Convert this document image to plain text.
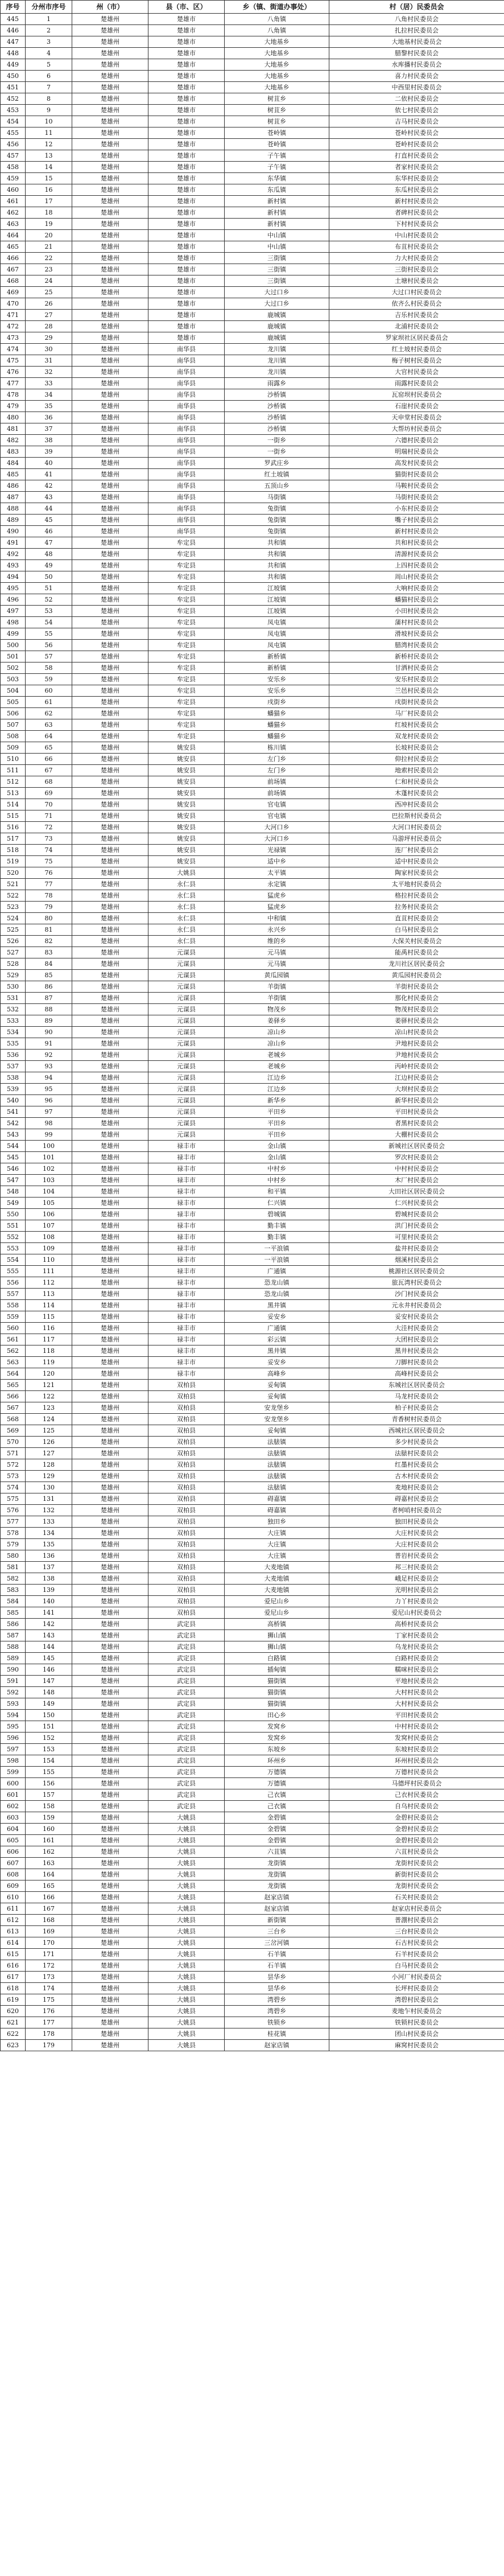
序号	分州市序号	州（市）	县（市、区）	乡（镇、街道办事处）	村（居）民委员会
445	1	楚雄州	楚雄市	八角镇	八角村民委员会
446	2	楚雄州	楚雄市	八角镇	扎拉村民委员会
447	3	楚雄州	楚雄市	大地基乡	大地基村民委员会
448	4	楚雄州	楚雄市	大地基乡	腊黎村民委员会
449	5	楚雄州	楚雄市	大地基乡	水库播村民委员会
450	6	楚雄州	楚雄市	大地基乡	喜力村民委员会
451	7	楚雄州	楚雄市	大地基乡	中西里村民委员会
452	8	楚雄州	楚雄市	树苴乡	二依村民委员会
453	9	楚雄州	楚雄市	树苴乡	依七村民委员会
454	10	楚雄州	楚雄市	树苴乡	吉马村民委员会
455	11	楚雄州	楚雄市	苍岭镇	苍岭村民委员会
456	12	楚雄州	楚雄市	苍岭镇	苍岭村民委员会
457	13	楚雄州	楚雄市	子午镇	打直村民委员会
458	14	楚雄州	楚雄市	子午镇	者家村民委员会
459	15	楚雄州	楚雄市	东华镇	东华村民委员会
460	16	楚雄州	楚雄市	东瓜镇	东瓜村民委员会
461	17	楚雄州	楚雄市	新村镇	新村村民委员会
462	18	楚雄州	楚雄市	新村镇	者碑村民委员会
463	19	楚雄州	楚雄市	新村镇	下村村民委员会
464	20	楚雄州	楚雄市	中山镇	中山村民委员会
465	21	楚雄州	楚雄市	中山镇	布苴村民委员会
466	22	楚雄州	楚雄市	三街镇	力大村民委员会
467	23	楚雄州	楚雄市	三街镇	三街村民委员会
468	24	楚雄州	楚雄市	三街镇	土塘村民委员会
469	25	楚雄州	楚雄市	大过口乡	大过口村民委员会
470	26	楚雄州	楚雄市	大过口乡	依齐么村民委员会
471	27	楚雄州	楚雄市	鹿城镇	吉乐村民委员会
472	28	楚雄州	楚雄市	鹿城镇	北浦村民委员会
473	29	楚雄州	楚雄市	鹿城镇	罗家坝社区居民委员会
474	30	楚雄州	南华县	龙川镇	红土坡村民委员会
475	31	楚雄州	南华县	龙川镇	梅子树村民委员会
476	32	楚雄州	南华县	龙川镇	大官村民委员会
477	33	楚雄州	南华县	雨露乡	雨露村民委员会
478	34	楚雄州	南华县	沙桥镇	瓦窑坝村民委员会
479	35	楚雄州	南华县	沙桥镇	石崖村民委员会
480	36	楚雄州	南华县	沙桥镇	天申堂村民委员会
481	37	楚雄州	南华县	沙桥镇	大帮坊村民委员会
482	38	楚雄州	南华县	一街乡	六德村民委员会
483	39	楚雄州	南华县	一街乡	明瑞村民委员会
484	40	楚雄州	南华县	罗武庄乡	高发村民委员会
485	41	楚雄州	南华县	红土坡镇	猫街村民委员会
486	42	楚雄州	南华县	五顶山乡	马鞍村民委员会
487	43	楚雄州	南华县	马街镇	马街村民委员会
488	44	楚雄州	南华县	兔街镇	小东村民委员会
489	45	楚雄州	南华县	兔街镇	嘴子村民委员会
490	46	楚雄州	南华县	兔街镇	新村村民委员会
491	47	楚雄州	牟定县	共和镇	共和村民委员会
492	48	楚雄州	牟定县	共和镇	清源村民委员会
493	49	楚雄州	牟定县	共和镇	上四村民委员会
494	50	楚雄州	牟定县	共和镇	周山村民委员会
495	51	楚雄州	牟定县	江坡镇	大响村民委员会
496	52	楚雄州	牟定县	江坡镇	蟠猫村民委员会
497	53	楚雄州	牟定县	江坡镇	小田村民委员会
498	54	楚雄州	牟定县	凤屯镇	蒲村村民委员会
499	55	楚雄州	牟定县	凤屯镇	滑坡村民委员会
500	56	楚雄州	牟定县	凤屯镇	腊湾村民委员会
501	57	楚雄州	牟定县	新桥镇	新桥村民委员会
502	58	楚雄州	牟定县	新桥镇	甘洒村民委员会
503	59	楚雄州	牟定县	安乐乡	安乐村民委员会
504	60	楚雄州	牟定县	安乐乡	兰邑村民委员会
505	61	楚雄州	牟定县	戌街乡	戌街村民委员会
506	62	楚雄州	牟定县	蟠猫乡	马厂村民委员会
507	63	楚雄州	牟定县	蟠猫乡	红坡村民委员会
508	64	楚雄州	牟定县	蟠猫乡	双龙村民委员会
509	65	楚雄州	姚安县	栋川镇	长坡村民委员会
510	66	楚雄州	姚安县	左门乡	仰拉村民委员会
511	67	楚雄州	姚安县	左门乡	地索村民委员会
512	68	楚雄州	姚安县	前场镇	仁和村民委员会
513	69	楚雄州	姚安县	前场镇	木蓬村民委员会
514	70	楚雄州	姚安县	官屯镇	西冲村民委员会
515	71	楚雄州	姚安县	官屯镇	巴拉斯村民委员会
516	72	楚雄州	姚安县	大河口乡	大河口村民委员会
517	73	楚雄州	姚安县	大河口乡	马游坪村民委员会
518	74	楚雄州	姚安县	光禄镇	连厂村民委员会
519	75	楚雄州	姚安县	适中乡	适中村民委员会
520	76	楚雄州	大姚县	太平镇	陶家村民委员会
521	77	楚雄州	永仁县	永定镇	太平地村民委员会
522	78	楚雄州	永仁县	猛虎乡	格拉村民委员会
523	79	楚雄州	永仁县	猛虎乡	拉务村民委员会
524	80	楚雄州	永仁县	中和镇	直苴村民委员会
525	81	楚雄州	永仁县	永兴乡	白马村民委员会
526	82	楚雄州	永仁县	维的乡	大保关村民委员会
527	83	楚雄州	元谋县	元马镇	能禹村民委员会
528	84	楚雄州	元谋县	元马镇	龙川社区居民委员会
529	85	楚雄州	元谋县	黄瓜园镇	黄瓜园村民委员会
530	86	楚雄州	元谋县	羊街镇	羊街村民委员会
531	87	楚雄州	元谋县	羊街镇	那化村民委员会
532	88	楚雄州	元谋县	物茂乡	物茂村民委员会
533	89	楚雄州	元谋县	姜驿乡	姜驿村民委员会
534	90	楚雄州	元谋县	凉山乡	凉山村民委员会
535	91	楚雄州	元谋县	凉山乡	尹地村民委员会
536	92	楚雄州	元谋县	老城乡	尹地村民委员会
537	93	楚雄州	元谋县	老城乡	丙岭村民委员会
538	94	楚雄州	元谋县	江边乡	江边村民委员会
539	95	楚雄州	元谋县	江边乡	大坝村民委员会
540	96	楚雄州	元谋县	新华乡	新华村民委员会
541	97	楚雄州	元谋县	平田乡	平田村民委员会
542	98	楚雄州	元谋县	平田乡	者黑村民委员会
543	99	楚雄州	元谋县	平田乡	大棚村民委员会
544	100	楚雄州	禄丰市	金山镇	新城社区居民委员会
545	101	楚雄州	禄丰市	金山镇	罗次村民委员会
546	102	楚雄州	禄丰市	中村乡	中村村民委员会
547	103	楚雄州	禄丰市	中村乡	木厂村民委员会
548	104	楚雄州	禄丰市	和平镇	大田社区居民委员会
549	105	楚雄州	禄丰市	仁兴镇	仁兴村民委员会
550	106	楚雄州	禄丰市	碧城镇	碧城村民委员会
551	107	楚雄州	禄丰市	勤丰镇	洪门村民委员会
552	108	楚雄州	禄丰市	勤丰镇	可里村民委员会
553	109	楚雄州	禄丰市	一平浪镇	盐井村民委员会
554	110	楚雄州	禄丰市	一平浪镇	烟溪村民委员会
555	111	楚雄州	禄丰市	广通镇	桃源社区居民委员会
556	112	楚雄州	禄丰市	恐龙山镇	旅瓦湾村民委员会
557	113	楚雄州	禄丰市	恐龙山镇	沙门村民委员会
558	114	楚雄州	禄丰市	黑井镇	元永井村民委员会
559	115	楚雄州	禄丰市	妥安乡	妥安村民委员会
560	116	楚雄州	禄丰市	广通镇	大洼村民委员会
561	117	楚雄州	禄丰市	彩云镇	大团村民委员会
562	118	楚雄州	禄丰市	黑井镇	黑井村民委员会
563	119	楚雄州	禄丰市	妥安乡	刀脚村民委员会
564	120	楚雄州	禄丰市	高峰乡	高峰村民委员会
565	121	楚雄州	双柏县	妥甸镇	东城社区居民委员会
566	122	楚雄州	双柏县	妥甸镇	马龙村民委员会
567	123	楚雄州	双柏县	安龙堡乡	柏子村民委员会
568	124	楚雄州	双柏县	安龙堡乡	青香树村民委员会
569	125	楚雄州	双柏县	妥甸镇	西城社区居民委员会
570	126	楚雄州	双柏县	法脿镇	多少村民委员会
571	127	楚雄州	双柏县	法脿镇	法脿村民委员会
572	128	楚雄州	双柏县	法脿镇	红墨村民委员会
573	129	楚雄州	双柏县	法脿镇	古木村民委员会
574	130	楚雄州	双柏县	法脿镇	麦地村民委员会
575	131	楚雄州	双柏县	碍嘉镇	碍嘉村民委员会
576	132	楚雄州	双柏县	碍嘉镇	者柯哨村民委员会
577	133	楚雄州	双柏县	独田乡	独田村民委员会
578	134	楚雄州	双柏县	大庄镇	大庄村民委员会
579	135	楚雄州	双柏县	大庄镇	大庄村民委员会
580	136	楚雄州	双柏县	大庄镇	普岩村民委员会
581	137	楚雄州	双柏县	大麦地镇	邦三村民委员会
582	138	楚雄州	双柏县	大麦地镇	峨足村民委员会
583	139	楚雄州	双柏县	大麦地镇	光明村民委员会
584	140	楚雄州	双柏县	爱尼山乡	力丫村民委员会
585	141	楚雄州	双柏县	爱尼山乡	爱尼山村民委员会
586	142	楚雄州	武定县	高桥镇	高桥村民委员会
587	143	楚雄州	武定县	狮山镇	丁家村民委员会
588	144	楚雄州	武定县	狮山镇	乌龙村民委员会
589	145	楚雄州	武定县	白路镇	白路村民委员会
590	146	楚雄州	武定县	插甸镇	糯咪村民委员会
591	147	楚雄州	武定县	猫街镇	平地村民委员会
592	148	楚雄州	武定县	猫街镇	大村村民委员会
593	149	楚雄州	武定县	猫街镇	大村村民委员会
594	150	楚雄州	武定县	田心乡	平田村民委员会
595	151	楚雄州	武定县	发窝乡	中村村民委员会
596	152	楚雄州	武定县	发窝乡	发窝村民委员会
597	153	楚雄州	武定县	东坡乡	东坡村民委员会
598	154	楚雄州	武定县	环州乡	环州村民委员会
599	155	楚雄州	武定县	万德镇	万德村民委员会
600	156	楚雄州	武定县	万德镇	马德坪村民委员会
601	157	楚雄州	武定县	己衣镇	己衣村民委员会
602	158	楚雄州	武定县	己衣镇	自乌村民委员会
603	159	楚雄州	大姚县	金碧镇	金碧村民委员会
604	160	楚雄州	大姚县	金碧镇	金碧村民委员会
605	161	楚雄州	大姚县	金碧镇	金碧村民委员会
606	162	楚雄州	大姚县	六苴镇	六苴村民委员会
607	163	楚雄州	大姚县	龙街镇	龙街村民委员会
608	164	楚雄州	大姚县	龙街镇	新街村民委员会
609	165	楚雄州	大姚县	龙街镇	龙街村民委员会
610	166	楚雄州	大姚县	赵家店镇	石关村民委员会
611	167	楚雄州	大姚县	赵家店镇	赵家店村民委员会
612	168	楚雄州	大姚县	新街镇	普淜村民委员会
613	169	楚雄州	大姚县	三台乡	三台村民委员会
614	170	楚雄州	大姚县	三岔河镇	石古村民委员会
615	171	楚雄州	大姚县	石羊镇	石羊村民委员会
616	172	楚雄州	大姚县	石羊镇	白马村民委员会
617	173	楚雄州	大姚县	昙华乡	小河厂村民委员会
618	174	楚雄州	大姚县	昙华乡	长坪村民委员会
619	175	楚雄州	大姚县	湾碧乡	湾碧村民委员会
620	176	楚雄州	大姚县	湾碧乡	麦地乍村民委员会
621	177	楚雄州	大姚县	铁锁乡	铁锁村民委员会
622	178	楚雄州	大姚县	桂花镇	团山村民委员会
623	179	楚雄州	大姚县	赵家店镇	麻窝村民委员会
